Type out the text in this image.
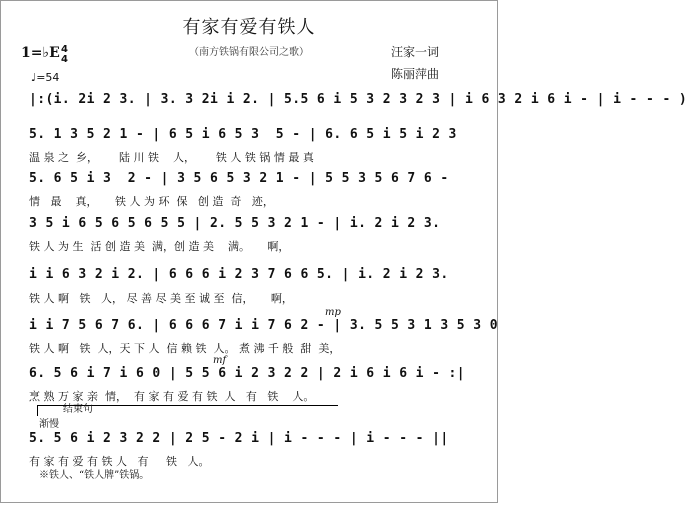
有家有爱有铁人
（南方铁锅有限公司之歌）	汪家一词
陈丽萍曲
1=♭E 4
4
♩=54
|:(i. 2i 2 3. | 3. 3 2i i 2. | 5.5 6 i 5 3 2 3 2 3 | i 6 3 2 i 6 i - | i - - - )
5. 1 3 5 2 1 - | 6 5 i 6 5 3  5 - | 6. 6 5 i 5 i 2 3
温 泉 之  乡，      陆 川 铁    人，      铁 人 铁 锅 情 最 真
5. 6 5 i 3  2 - | 3 5 6 5 3 2 1 - | 5 5 3 5 6 7 6 -
情   最    真，     铁 人 为 环  保   创 造  奇   迹，
3 5 i 6 5 6 5 6 5 5 | 2. 5 5 3 2 1 - | i. 2 i 2 3.
铁 人 为 生  活 创 造 美  满，创 造 美    满。     啊，
i i 6 3 2 i 2. | 6 6 6 i 2 3 7 6 6 5. | i. 2 i 2 3.
铁 人 啊   铁   人， 尽 善 尽 美 至 诚 至  信，     啊，
mp
i i 7 5 6 7 6. | 6 6 6 7 i i 7 6 2 - | 3. 5 5 3 1 3 5 3 0
铁 人 啊   铁  人，天 下 人  信 赖 铁  人。 煮 沸 千 般  甜  美，
mf
6. 5 6 i 7 i 6 0 | 5 5 6 i 2 3 2 2 | 2 i 6 i 6 i - :|
烹 熟 万 家 亲  情，  有 家 有 爱 有 铁  人   有   铁    人。
结束句
渐慢
5. 5 6 i 2 3 2 2 | 2 5 - 2 i | i - - - | i - - - ||
有 家 有 爱 有 铁 人   有     铁   人。
※铁人、“铁人牌”铁锅。
